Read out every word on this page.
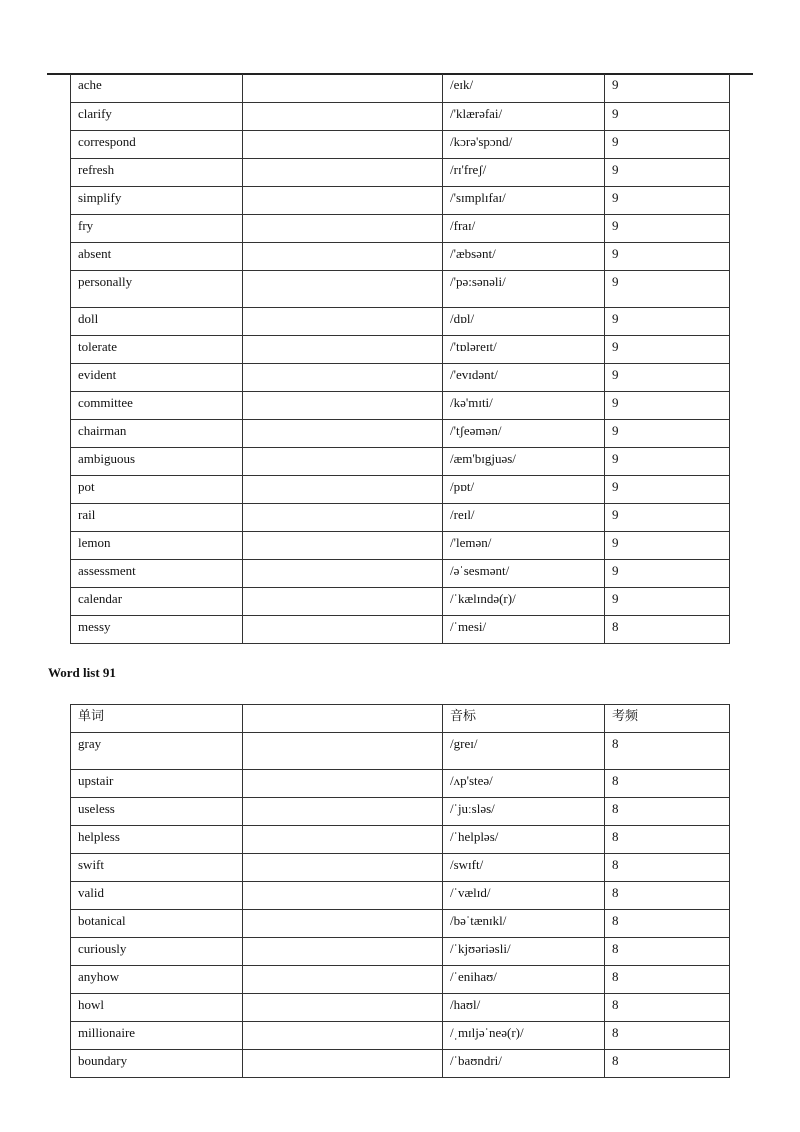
ache		/eɪk/	9
clarify		/'klærəfai/	9
correspond		/kɔrə'spɔnd/	9
refresh		/rɪ'freʃ/	9
simplify		/'sɪmplɪfaɪ/	9
fry		/fraɪ/	9
absent		/'æbsənt/	9
personally		/'pə:sənəli/	9
doll		/dɒl/	9
tolerate		/'tɒləreɪt/	9
evident		/'evɪdənt/	9
committee		/kə'mɪti/	9
chairman		/'tʃeəmən/	9
ambiguous		/æm'bɪgjuəs/	9
pot		/pɒt/	9
rail		/reɪl/	9
lemon		/'lemən/	9
assessment		/əˈsesmənt/	9
calendar		/ˈkælɪndə(r)/	9
messy		/ˈmesi/	8
Word list 91
单词		音标	考频
gray		/greɪ/	8
upstair		/ʌp'steə/	8
useless		/ˈjuːsləs/	8
helpless		/ˈhelpləs/	8
swift		/swɪft/	8
valid		/ˈvælɪd/	8
botanical		/bəˈtænɪkl/	8
curiously		/ˈkjʊəriəsli/	8
anyhow		/ˈenihaʊ/	8
howl		/haʊl/	8
millionaire		/ˌmɪljəˈneə(r)/	8
boundary		/ˈbaʊndri/	8
